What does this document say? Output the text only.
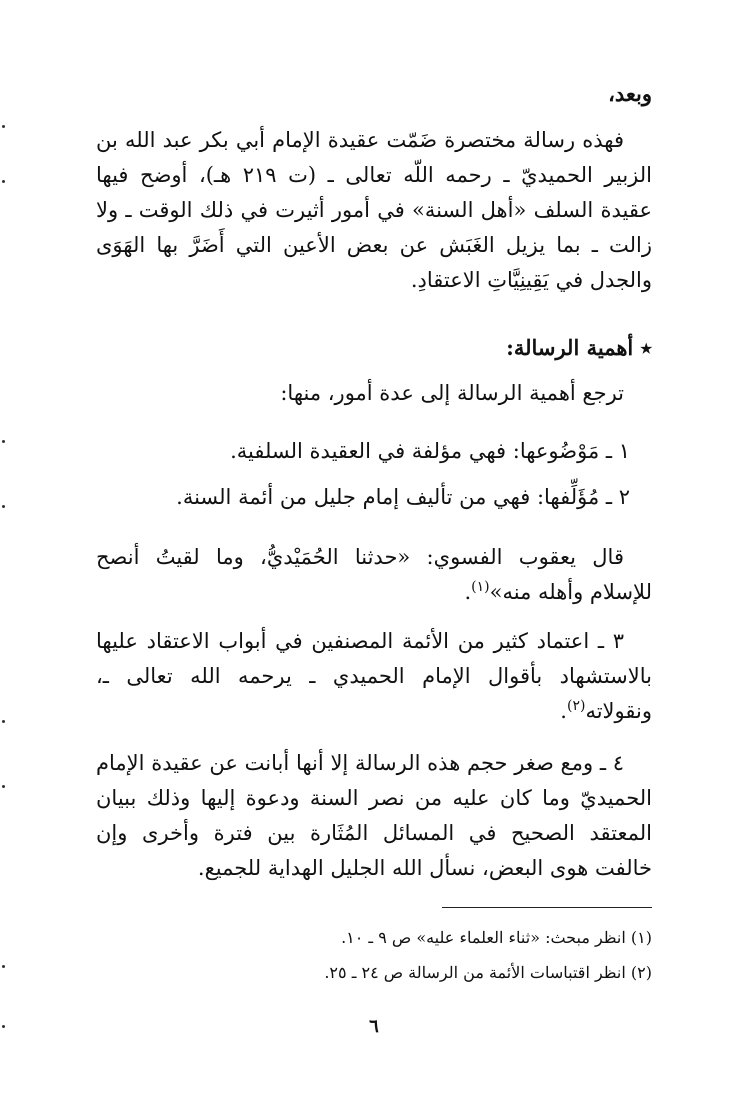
وبعد،

فهذه رسالة مختصرة ضَمّت عقيدة الإمام أبي بكر عبد الله بن الزبير الحميديّ ـ رحمه اللّه تعالى ـ (ت ٢١٩ هـ)، أوضح فيها عقيدة السلف «أهل السنة» في أمور أثيرت في ذلك الوقت ـ ولا زالت ـ بما يزيل الغَبَش عن بعض الأعين التي أَضَرَّ بها الهَوَى والجدل في يَقِينِيَّاتِ الاعتقادِ.

٭ أهمية الرسالة:

ترجع أهمية الرسالة إلى عدة أمور، منها:

١ ـ مَوْضُوعها: فهي مؤلفة في العقيدة السلفية.

٢ ـ مُؤَلِّفها: فهي من تأليف إمام جليل من أئمة السنة.

قال يعقوب الفسوي: «حدثنا الحُمَيْديُّ، وما لقيتُ أنصح للإسلام وأهله منه»$^{(١)}$.

٣ ـ اعتماد كثير من الأئمة المصنفين في أبواب الاعتقاد عليها بالاستشهاد بأقوال الإمام الحميدي ـ يرحمه الله تعالى ـ، ونقولاته$^{(٢)}$.

٤ ـ ومع صغر حجم هذه الرسالة إلا أنها أبانت عن عقيدة الإمام الحميديّ وما كان عليه من نصر السنة ودعوة إليها وذلك ببيان المعتقد الصحيح في المسائل المُثَارة بين فترة وأخرى وإن خالفت هوى البعض، نسأل الله الجليل الهداية للجميع.

(١) انظر مبحث: «ثناء العلماء عليه» ص ٩ ـ ١٠.

(٢) انظر اقتباسات الأئمة من الرسالة ص ٢٤ ـ ٢٥.

٦
